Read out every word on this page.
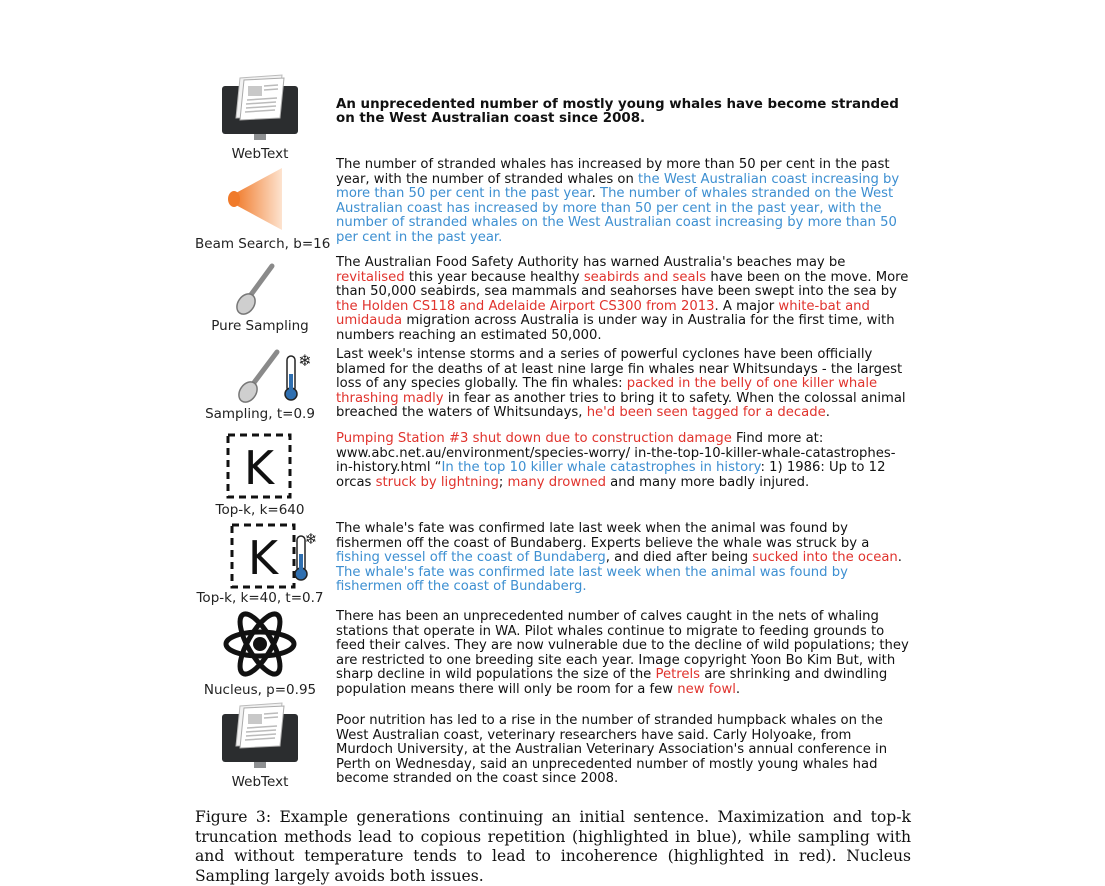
WebText
An unprecedented number of mostly young whales have become stranded on the West Australian coast since 2008.
Beam Search, b=16
The number of stranded whales has increased by more than 50 per cent in the past year, with the number of stranded whales on the West Australian coast increasing by more than 50 per cent in the past year. The number of whales stranded on the West Australian coast has increased by more than 50 per cent in the past year, with the number of stranded whales on the West Australian coast increasing by more than 50 per cent in the past year.
Pure Sampling
The Australian Food Safety Authority has warned Australia's beaches may be revitalised this year because healthy seabirds and seals have been on the move. More than 50,000 seabirds, sea mammals and seahorses have been swept into the sea by the Holden CS118 and Adelaide Airport CS300 from 2013. A major white-bat and umidauda migration across Australia is under way in Australia for the first time, with numbers reaching an estimated 50,000.
❄
Sampling, t=0.9
Last week's intense storms and a series of powerful cyclones have been officially blamed for the deaths of at least nine large fin whales near Whitsundays - the largest loss of any species globally. The fin whales: packed in the belly of one killer whale thrashing madly in fear as another tries to bring it to safety. When the colossal animal breached the waters of Whitsundays, he'd been seen tagged for a decade.
K
Top-k, k=640
Pumping Station #3 shut down due to construction damage Find more at: www.abc.net.au/environment/species-worry/ in-the-top-10-killer-whale-catastrophes-in-history.html “In the top 10 killer whale catastrophes in history: 1) 1986: Up to 12 orcas struck by lightning; many drowned and many more badly injured.
K ❄
Top-k, k=40, t=0.7
The whale's fate was confirmed late last week when the animal was found by fishermen off the coast of Bundaberg. Experts believe the whale was struck by a fishing vessel off the coast of Bundaberg, and died after being sucked into the ocean. The whale's fate was confirmed late last week when the animal was found by fishermen off the coast of Bundaberg.
Nucleus, p=0.95
There has been an unprecedented number of calves caught in the nets of whaling stations that operate in WA. Pilot whales continue to migrate to feeding grounds to feed their calves. They are now vulnerable due to the decline of wild populations; they are restricted to one breeding site each year. Image copyright Yoon Bo Kim But, with sharp decline in wild populations the size of the Petrels are shrinking and dwindling population means there will only be room for a few new fowl.
WebText
Poor nutrition has led to a rise in the number of stranded humpback whales on the West Australian coast, veterinary researchers have said. Carly Holyoake, from Murdoch University, at the Australian Veterinary Association's annual conference in Perth on Wednesday, said an unprecedented number of mostly young whales had become stranded on the coast since 2008.
Figure 3: Example generations continuing an initial sentence. Maximization and top-k truncation methods lead to copious repetition (highlighted in blue), while sampling with and without temperature tends to lead to incoherence (highlighted in red). Nucleus Sampling largely avoids both issues.
